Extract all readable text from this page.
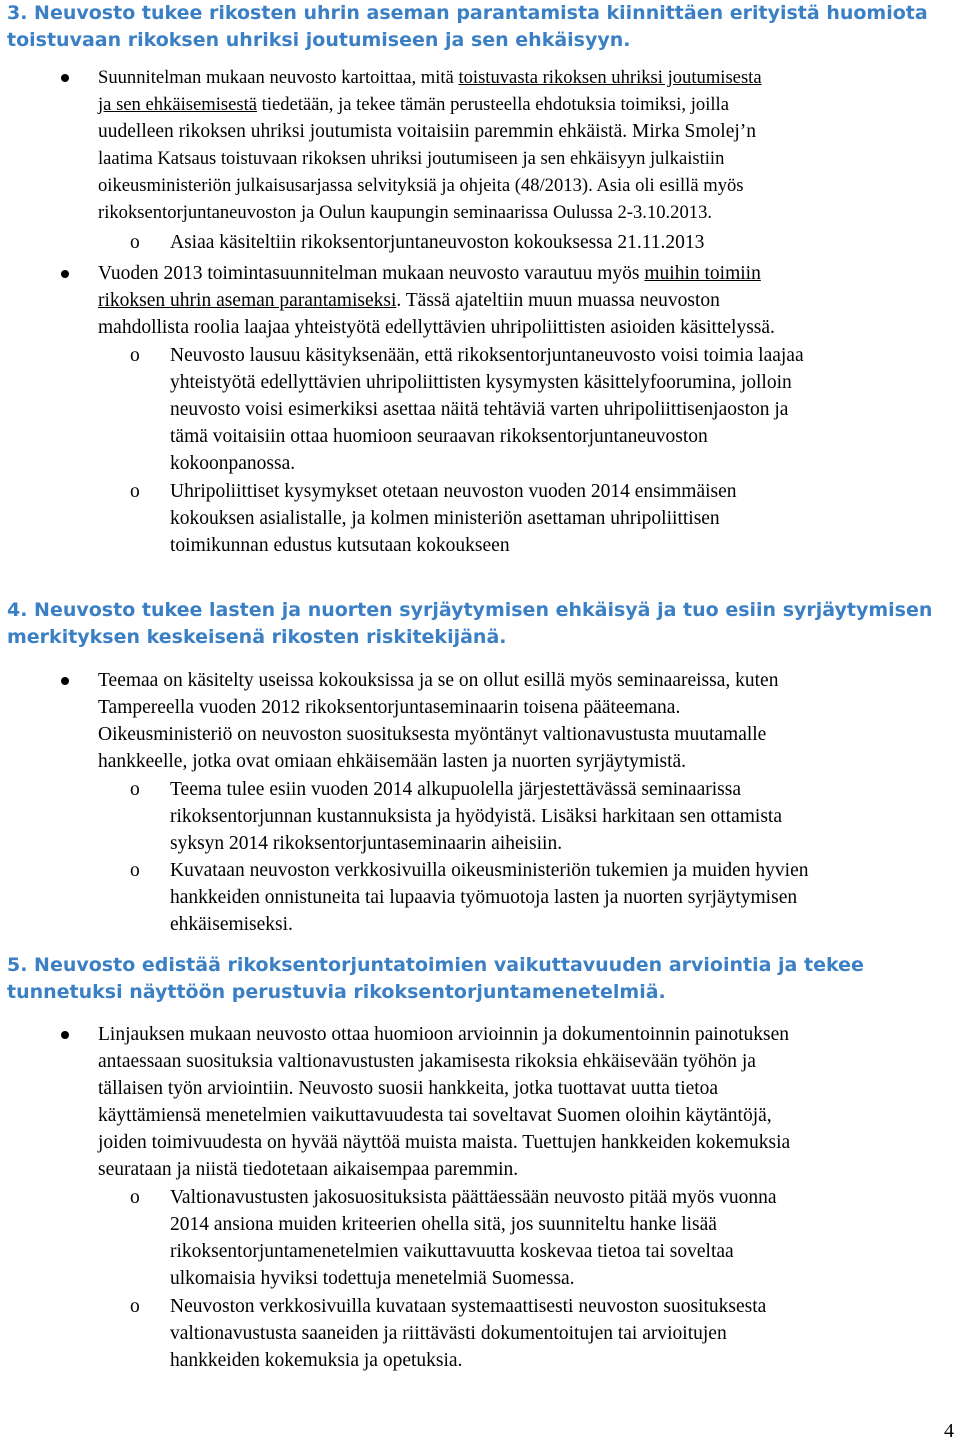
3. Neuvosto tukee rikosten uhrin aseman parantamista kiinnittäen erityistä huomiota toistuvaan rikoksen uhriksi joutumiseen ja sen ehkäisyyn.
4. Neuvosto tukee lasten ja nuorten syrjäytymisen ehkäisyä ja tuo esiin syrjäytymisen merkityksen keskeisenä rikosten riskitekijänä.
5. Neuvosto edistää rikoksentorjuntatoimien vaikuttavuuden arviointia ja tekee tunnetuksi näyttöön perustuvia rikoksentorjuntamenetelmiä.
Suunnitelman mukaan neuvosto kartoittaa, mitä toistuvasta rikoksen uhriksi joutumisesta
ja sen ehkäisemisestä tiedetään, ja tekee tämän perusteella ehdotuksia toimiksi, joilla
uudelleen rikoksen uhriksi joutumista voitaisiin paremmin ehkäistä. Mirka Smolej’n
laatima Katsaus toistuvaan rikoksen uhriksi joutumiseen ja sen ehkäisyyn julkaistiin
oikeusministeriön julkaisusarjassa selvityksiä ja ohjeita (48/2013). Asia oli esillä myös
rikoksentorjuntaneuvoston ja Oulun kaupungin seminaarissa Oulussa 2-3.10.2013.
o Asiaa käsiteltiin rikoksentorjuntaneuvoston kokouksessa 21.11.2013
Vuoden 2013 toimintasuunnitelman mukaan neuvosto varautuu myös muihin toimiin
rikoksen uhrin aseman parantamiseksi. Tässä ajateltiin muun muassa neuvoston
mahdollista roolia laajaa yhteistyötä edellyttävien uhripoliittisten asioiden käsittelyssä.
o Neuvosto lausuu käsityksenään, että rikoksentorjuntaneuvosto voisi toimia laajaa
yhteistyötä edellyttävien uhripoliittisten kysymysten käsittelyfoorumina, jolloin
neuvosto voisi esimerkiksi asettaa näitä tehtäviä varten uhripoliittisenjaoston ja
tämä voitaisiin ottaa huomioon seuraavan rikoksentorjuntaneuvoston
kokoonpanossa.
o Uhripoliittiset kysymykset otetaan neuvoston vuoden 2014 ensimmäisen
kokouksen asialistalle, ja kolmen ministeriön asettaman uhripoliittisen
toimikunnan edustus kutsutaan kokoukseen
Teemaa on käsitelty useissa kokouksissa ja se on ollut esillä myös seminaareissa, kuten
Tampereella vuoden 2012 rikoksentorjuntaseminaarin toisena pääteemana.
Oikeusministeriö on neuvoston suosituksesta myöntänyt valtionavustusta muutamalle
hankkeelle, jotka ovat omiaan ehkäisemään lasten ja nuorten syrjäytymistä.
o Teema tulee esiin vuoden 2014 alkupuolella järjestettävässä seminaarissa
rikoksentorjunnan kustannuksista ja hyödyistä. Lisäksi harkitaan sen ottamista
syksyn 2014 rikoksentorjuntaseminaarin aiheisiin.
o Kuvataan neuvoston verkkosivuilla oikeusministeriön tukemien ja muiden hyvien
hankkeiden onnistuneita tai lupaavia työmuotoja lasten ja nuorten syrjäytymisen
ehkäisemiseksi.
Linjauksen mukaan neuvosto ottaa huomioon arvioinnin ja dokumentoinnin painotuksen
antaessaan suosituksia valtionavustusten jakamisesta rikoksia ehkäisevään työhön ja
tällaisen työn arviointiin. Neuvosto suosii hankkeita, jotka tuottavat uutta tietoa
käyttämiensä menetelmien vaikuttavuudesta tai soveltavat Suomen oloihin käytäntöjä,
joiden toimivuudesta on hyvää näyttöä muista maista. Tuettujen hankkeiden kokemuksia
seurataan ja niistä tiedotetaan aikaisempaa paremmin.
o Valtionavustusten jakosuosituksista päättäessään neuvosto pitää myös vuonna
2014 ansiona muiden kriteerien ohella sitä, jos suunniteltu hanke lisää
rikoksentorjuntamenetelmien vaikuttavuutta koskevaa tietoa tai soveltaa
ulkomaisia hyviksi todettuja menetelmiä Suomessa.
o Neuvoston verkkosivuilla kuvataan systemaattisesti neuvoston suosituksesta
valtionavustusta saaneiden ja riittävästi dokumentoitujen tai arvioitujen
hankkeiden kokemuksia ja opetuksia.
4
